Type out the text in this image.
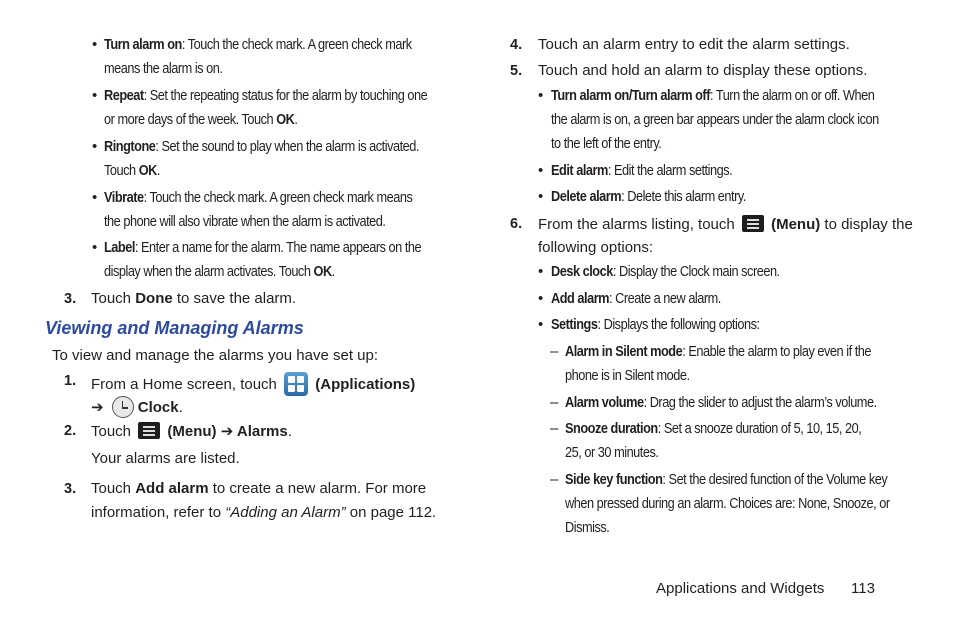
• Turn alarm on: Touch the check mark. A green check mark
means the alarm is on.
• Repeat: Set the repeating status for the alarm by touching one
or more days of the week. Touch OK.
• Ringtone: Set the sound to play when the alarm is activated.
Touch OK.
• Vibrate: Touch the check mark. A green check mark means
the phone will also vibrate when the alarm is activated.
• Label: Enter a name for the alarm. The name appears on the
display when the alarm activates. Touch OK.
3. Touch Done to save the alarm.
Viewing and Managing Alarms
To view and manage the alarms you have set up:
1. From a Home screen, touch	(Applications)
➔ Clock.
2. Touch (Menu) ➔ Alarms.
Your alarms are listed.
3. Touch Add alarm to create a new alarm. For more
information, refer to “Adding an Alarm” on page 112.
4. Touch an alarm entry to edit the alarm settings.
5. Touch and hold an alarm to display these options.
• Turn alarm on/Turn alarm off: Turn the alarm on or off. When
the alarm is on, a green bar appears under the alarm clock icon
to the left of the entry.
• Edit alarm: Edit the alarm settings.
• Delete alarm: Delete this alarm entry.
6. From the alarms listing, touch (Menu) to display the
following options:
• Desk clock: Display the Clock main screen.
• Add alarm: Create a new alarm.
• Settings: Displays the following options:
– Alarm in Silent mode: Enable the alarm to play even if the
phone is in Silent mode.
– Alarm volume: Drag the slider to adjust the alarm’s volume.
– Snooze duration: Set a snooze duration of 5, 10, 15, 20,
25, or 30 minutes.
– Side key function: Set the desired function of the Volume key
when pressed during an alarm. Choices are: None, Snooze, or
Dismiss.
Applications and Widgets 113
